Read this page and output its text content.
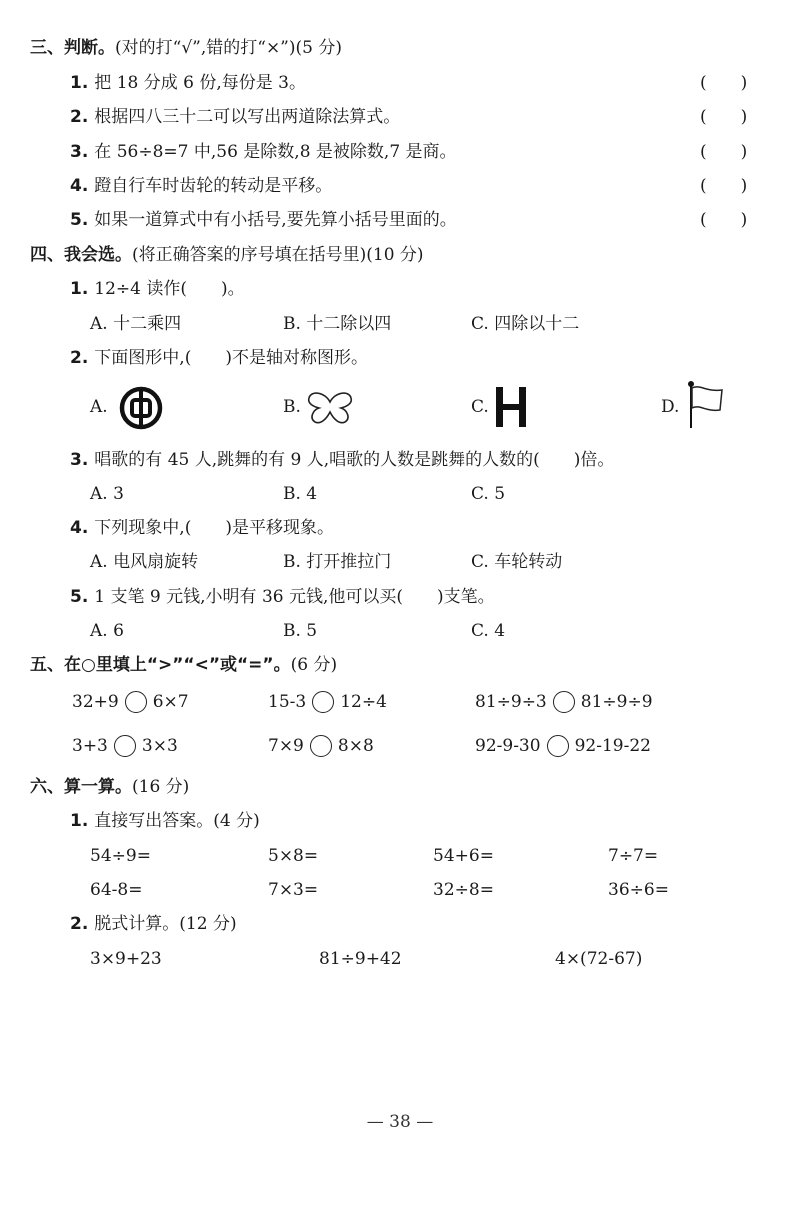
三、判断。(对的打“√”,错的打“×”)(5 分)
1. 把 18 分成 6 份,每份是 3。	(　　)
2. 根据四八三十二可以写出两道除法算式。	(　　)
3. 在 56÷8=7 中,56 是除数,8 是被除数,7 是商。	(　　)
4. 蹬自行车时齿轮的转动是平移。	(　　)
5. 如果一道算式中有小括号,要先算小括号里面的。	(　　)
四、我会选。(将正确答案的序号填在括号里)(10 分)
1. 12÷4 读作(　　)。
A. 十二乘四	B. 十二除以四	C. 四除以十二
2. 下面图形中,(　　)不是轴对称图形。
A.	B.	C.	D.
3. 唱歌的有 45 人,跳舞的有 9 人,唱歌的人数是跳舞的人数的(　　)倍。
A. 3	B. 4	C. 5
4. 下列现象中,(　　)是平移现象。
A. 电风扇旋转	B. 打开推拉门	C. 车轮转动
5. 1 支笔 9 元钱,小明有 36 元钱,他可以买(　　)支笔。
A. 6	B. 5	C. 4
五、在○里填上“>”“<”或“=”。(6 分)
32+9 6×7	15-3 12÷4	81÷9÷3 81÷9÷9
3+3 3×3	7×9 8×8	92-9-30 92-19-22
六、算一算。(16 分)
1. 直接写出答案。(4 分)
54÷9=	5×8=	54+6=	7÷7=
64-8=	7×3=	32÷8=	36÷6=
2. 脱式计算。(12 分)
3×9+23	81÷9+42	4×(72-67)
— 38 —
